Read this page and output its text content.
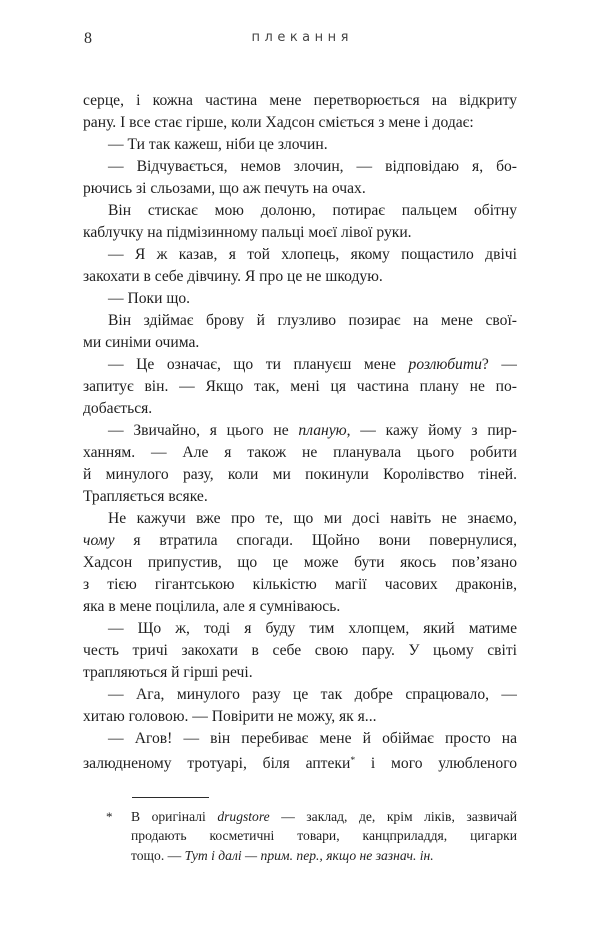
8	плекання
серце, і кожна частина мене перетворюється на відкриту
рану. І все стає гірше, коли Хадсон сміється з мене і додає:
— Ти так кажеш, ніби це злочин.
— Відчувається, немов злочин, — відповідаю я, бо-
рючись зі сльозами, що аж печуть на очах.
Він стискає мою долоню, потирає пальцем обітну
каблучку на підмізинному пальці моєї лівої руки.
— Я ж казав, я той хлопець, якому пощастило двічі
закохати в себе дівчину. Я про це не шкодую.
— Поки що.
Він здіймає брову й глузливо позирає на мене свої-
ми синіми очима.
— Це означає, що ти плануєш мене розлюбити? —
запитує він. — Якщо так, мені ця частина плану не по-
добається.
— Звичайно, я цього не планую, — кажу йому з пир-
ханням. — Але я також не планувала цього робити
й минулого разу, коли ми покинули Королівство тіней.
Трапляється всяке.
Не кажучи вже про те, що ми досі навіть не знаємо,
чому я втратила спогади. Щойно вони повернулися,
Хадсон припустив, що це може бути якось пов’язано
з тією гігантською кількістю магії часових драконів,
яка в мене поцілила, але я сумніваюсь.
— Що ж, тоді я буду тим хлопцем, який матиме
честь тричі закохати в себе свою пару. У цьому світі
трапляються й гірші речі.
— Ага, минулого разу це так добре спрацювало, —
хитаю головою. — Повірити не можу, як я...
— Агов! — він перебиває мене й обіймає просто на
залюдненому тротуарі, біля аптеки* і мого улюбленого
* В оригіналі drugstore — заклад, де, крім ліків, зазвичай
продають косметичні товари, канцприладдя, цигарки
тощо. — Тут і далі — прим. пер., якщо не зазнач. ін.
